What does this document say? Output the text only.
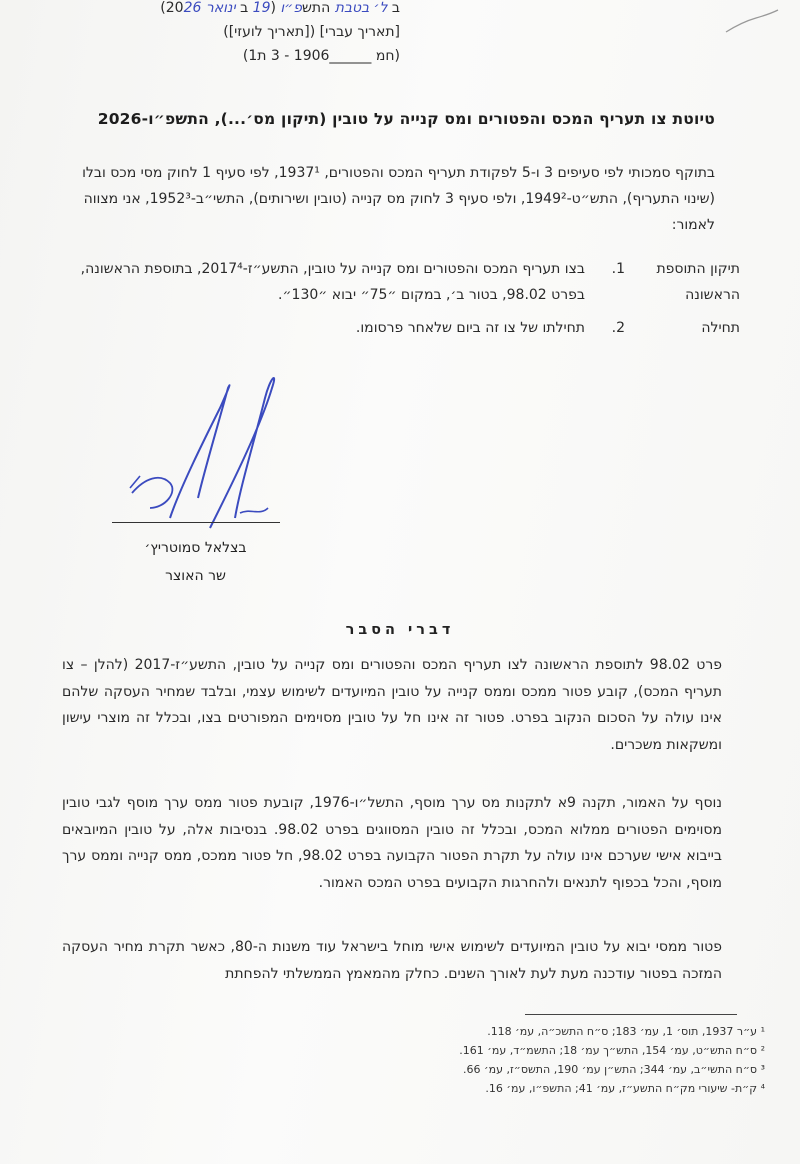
טיוטת צו תעריף המכס והפטורים ומס קנייה על טובין (תיקון מס׳...), התשפ״ו-2026
בתוקף סמכותי לפי סעיפים 3 ו-5 לפקודת תעריף המכס והפטורים, 1937¹, לפי סעיף 1 לחוק מסי מכס ובלו (שינוי התעריף), התש״ט-1949², ולפי סעיף 3 לחוק מס קנייה (טובין ושירותים), התשי״ב-1952³, אני מצווה לאמור:
תיקון התוספת הראשונה
1.
בצו תעריף המכס והפטורים ומס קנייה על טובין, התשע״ז-2017⁴, בתוספת הראשונה, בפרט 98.02, בטור ב׳, במקום ״75״ יבוא ״130״.
תחילה
2.
תחילתו של צו זה ביום שלאחר פרסומו.
ב ל׳ בטבת התשפ״ו (19 ב ינואר 2026)
[תאריך עברי] ([תאריך לועזי])
(חמ ______1906 - 3 ת1)
בצלאל סמוטריץ׳
שר האוצר
דברי הסבר
פרט 98.02 לתוספת הראשונה לצו תעריף המכס והפטורים ומס קנייה על טובין, התשע״ז-2017 (להלן – צו תעריף המכס), קובע פטור ממכס וממס קנייה על טובין המיועדים לשימוש עצמי, ובלבד שמחיר העסקה שלהם אינו עולה על הסכום הנקוב בפרט. פטור זה אינו חל על טובין מסוימים המפורטים בצו, ובכלל זה מוצרי עישון ומשקאות משכרים.
נוסף על האמור, תקנה 9א לתקנות מס ערך מוסף, התשל״ו-1976, קובעת פטור ממס ערך מוסף לגבי טובין מסוימים הפטורים ממלוא המכס, ובכלל זה טובין המסווגים בפרט 98.02. בנסיבות אלה, על טובין המיובאים בייבוא אישי שערכם אינו עולה על תקרת הפטור הקבועה בפרט 98.02, חל פטור ממכס, ממס קנייה וממס ערך מוסף, והכל בכפוף לתנאים ולהחרגות הקבועים בפרט המכס האמור.
פטור ממסי יבוא על טובין המיועדים לשימוש אישי מוחל בישראל עוד משנות ה-80, כאשר תקרת מחיר העסקה המזכה בפטור עודכנה מעת לעת לאורך השנים. כחלק מהמאמץ הממשלתי להפחתת
¹ ע״ר 1937, תוס׳ 1, עמ׳ 183; ס״ח התשכ״ה, עמ׳ 118.
² ס״ח התש״ט, עמ׳ 154, התש״ך עמ׳ 18; התשמ״ד, עמ׳ 161.
³ ס״ח התשי״ב, עמ׳ 344; התש״ן עמ׳ 190, התשס״ז, עמ׳ 66.
⁴ ק״ת- שיעורי מק״ח התשע״ז, עמ׳ 41; התשפ״ו, עמ׳ 16.
